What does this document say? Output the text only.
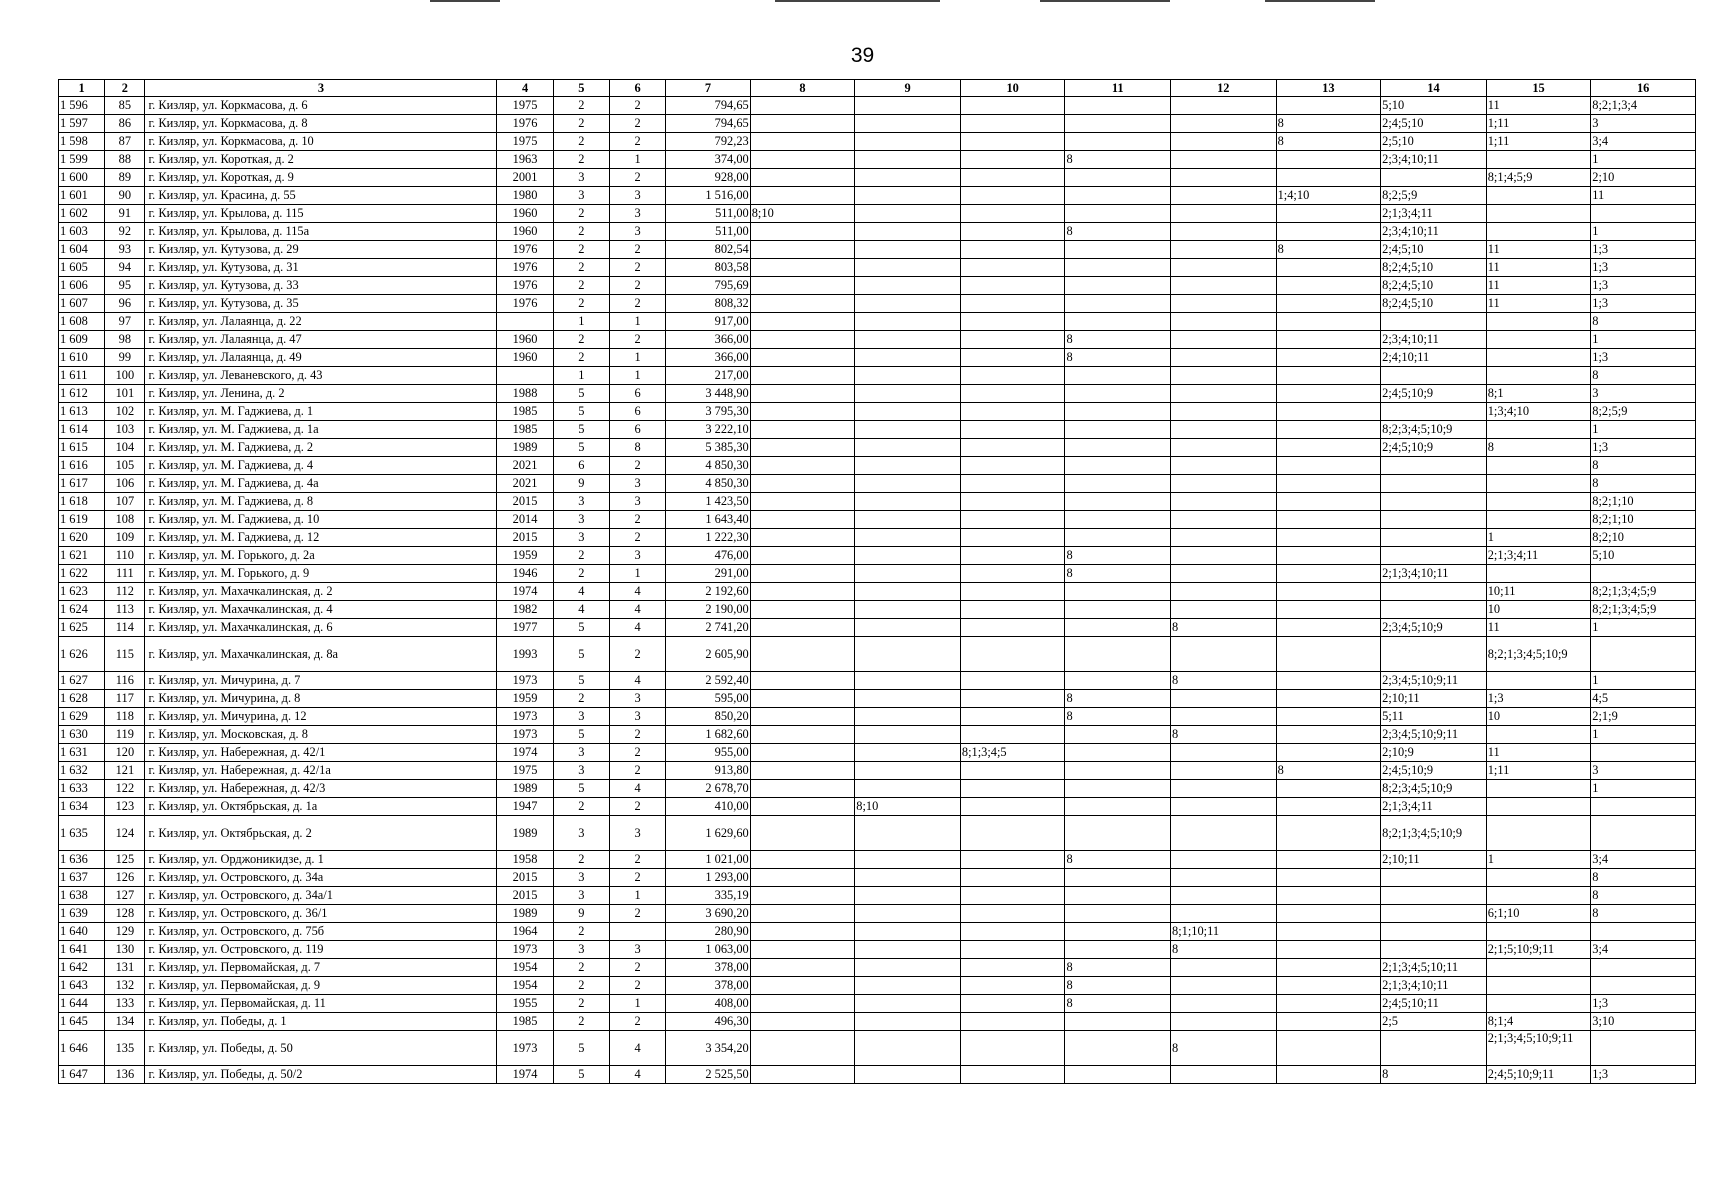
39
1	2	3	4	5	6	7	8	9	10	11	12	13	14	15	16
1 596	85	г. Кизляр, ул. Коркмасова, д. 6	1975	2	2	794,65							5;10	11	8;2;1;3;4
1 597	86	г. Кизляр, ул. Коркмасова, д. 8	1976	2	2	794,65						8	2;4;5;10	1;11	3
1 598	87	г. Кизляр, ул. Коркмасова, д. 10	1975	2	2	792,23						8	2;5;10	1;11	3;4
1 599	88	г. Кизляр, ул. Короткая, д. 2	1963	2	1	374,00				8			2;3;4;10;11		1
1 600	89	г. Кизляр, ул. Короткая, д. 9	2001	3	2	928,00								8;1;4;5;9	2;10
1 601	90	г. Кизляр, ул. Красина, д. 55	1980	3	3	1 516,00						1;4;10	8;2;5;9		11
1 602	91	г. Кизляр, ул. Крылова, д. 115	1960	2	3	511,00	8;10						2;1;3;4;11		
1 603	92	г. Кизляр, ул. Крылова, д. 115а	1960	2	3	511,00				8			2;3;4;10;11		1
1 604	93	г. Кизляр, ул. Кутузова, д. 29	1976	2	2	802,54						8	2;4;5;10	11	1;3
1 605	94	г. Кизляр, ул. Кутузова, д. 31	1976	2	2	803,58							8;2;4;5;10	11	1;3
1 606	95	г. Кизляр, ул. Кутузова, д. 33	1976	2	2	795,69							8;2;4;5;10	11	1;3
1 607	96	г. Кизляр, ул. Кутузова, д. 35	1976	2	2	808,32							8;2;4;5;10	11	1;3
1 608	97	г. Кизляр, ул. Лалаянца, д. 22		1	1	917,00									8
1 609	98	г. Кизляр, ул. Лалаянца, д. 47	1960	2	2	366,00				8			2;3;4;10;11		1
1 610	99	г. Кизляр, ул. Лалаянца, д. 49	1960	2	1	366,00				8			2;4;10;11		1;3
1 611	100	г. Кизляр, ул. Леваневского, д. 43		1	1	217,00									8
1 612	101	г. Кизляр, ул. Ленина, д. 2	1988	5	6	3 448,90							2;4;5;10;9	8;1	3
1 613	102	г. Кизляр, ул. М. Гаджиева, д. 1	1985	5	6	3 795,30								1;3;4;10	8;2;5;9
1 614	103	г. Кизляр, ул. М. Гаджиева, д. 1а	1985	5	6	3 222,10							8;2;3;4;5;10;9		1
1 615	104	г. Кизляр, ул. М. Гаджиева, д. 2	1989	5	8	5 385,30							2;4;5;10;9	8	1;3
1 616	105	г. Кизляр, ул. М. Гаджиева, д. 4	2021	6	2	4 850,30									8
1 617	106	г. Кизляр, ул. М. Гаджиева, д. 4а	2021	9	3	4 850,30									8
1 618	107	г. Кизляр, ул. М. Гаджиева, д. 8	2015	3	3	1 423,50									8;2;1;10
1 619	108	г. Кизляр, ул. М. Гаджиева, д. 10	2014	3	2	1 643,40									8;2;1;10
1 620	109	г. Кизляр, ул. М. Гаджиева, д. 12	2015	3	2	1 222,30								1	8;2;10
1 621	110	г. Кизляр, ул. М. Горького, д. 2а	1959	2	3	476,00				8				2;1;3;4;11	5;10
1 622	111	г. Кизляр, ул. М. Горького, д. 9	1946	2	1	291,00				8			2;1;3;4;10;11		
1 623	112	г. Кизляр, ул. Махачкалинская, д. 2	1974	4	4	2 192,60								10;11	8;2;1;3;4;5;9
1 624	113	г. Кизляр, ул. Махачкалинская, д. 4	1982	4	4	2 190,00								10	8;2;1;3;4;5;9
1 625	114	г. Кизляр, ул. Махачкалинская, д. 6	1977	5	4	2 741,20					8		2;3;4;5;10;9	11	1
1 626	115	г. Кизляр, ул. Махачкалинская, д. 8а	1993	5	2	2 605,90								8;2;1;3;4;5;10;9	
1 627	116	г. Кизляр, ул. Мичурина, д. 7	1973	5	4	2 592,40					8		2;3;4;5;10;9;11		1
1 628	117	г. Кизляр, ул. Мичурина, д. 8	1959	2	3	595,00				8			2;10;11	1;3	4;5
1 629	118	г. Кизляр, ул. Мичурина, д. 12	1973	3	3	850,20				8			5;11	10	2;1;9
1 630	119	г. Кизляр, ул. Московская, д. 8	1973	5	2	1 682,60					8		2;3;4;5;10;9;11		1
1 631	120	г. Кизляр, ул. Набережная, д. 42/1	1974	3	2	955,00			8;1;3;4;5				2;10;9	11	
1 632	121	г. Кизляр, ул. Набережная, д. 42/1а	1975	3	2	913,80						8	2;4;5;10;9	1;11	3
1 633	122	г. Кизляр, ул. Набережная, д. 42/3	1989	5	4	2 678,70							8;2;3;4;5;10;9		1
1 634	123	г. Кизляр, ул. Октябрьская, д. 1а	1947	2	2	410,00		8;10					2;1;3;4;11		
1 635	124	г. Кизляр, ул. Октябрьская, д. 2	1989	3	3	1 629,60							8;2;1;3;4;5;10;9		
1 636	125	г. Кизляр, ул. Орджоникидзе, д. 1	1958	2	2	1 021,00				8			2;10;11	1	3;4
1 637	126	г. Кизляр, ул. Островского, д. 34а	2015	3	2	1 293,00									8
1 638	127	г. Кизляр, ул. Островского, д. 34а/1	2015	3	1	335,19									8
1 639	128	г. Кизляр, ул. Островского, д. 36/1	1989	9	2	3 690,20								6;1;10	8
1 640	129	г. Кизляр, ул. Островского, д. 75б	1964	2		280,90					8;1;10;11				
1 641	130	г. Кизляр, ул. Островского, д. 119	1973	3	3	1 063,00					8			2;1;5;10;9;11	3;4
1 642	131	г. Кизляр, ул. Первомайская, д. 7	1954	2	2	378,00				8			2;1;3;4;5;10;11		
1 643	132	г. Кизляр, ул. Первомайская, д. 9	1954	2	2	378,00				8			2;1;3;4;10;11		
1 644	133	г. Кизляр, ул. Первомайская, д. 11	1955	2	1	408,00				8			2;4;5;10;11		1;3
1 645	134	г. Кизляр, ул. Победы, д. 1	1985	2	2	496,30							2;5	8;1;4	3;10
1 646	135	г. Кизляр, ул. Победы, д. 50	1973	5	4	3 354,20					8			2;1;3;4;5;10;9;11	
1 647	136	г. Кизляр, ул. Победы, д. 50/2	1974	5	4	2 525,50							8	2;4;5;10;9;11	1;3
